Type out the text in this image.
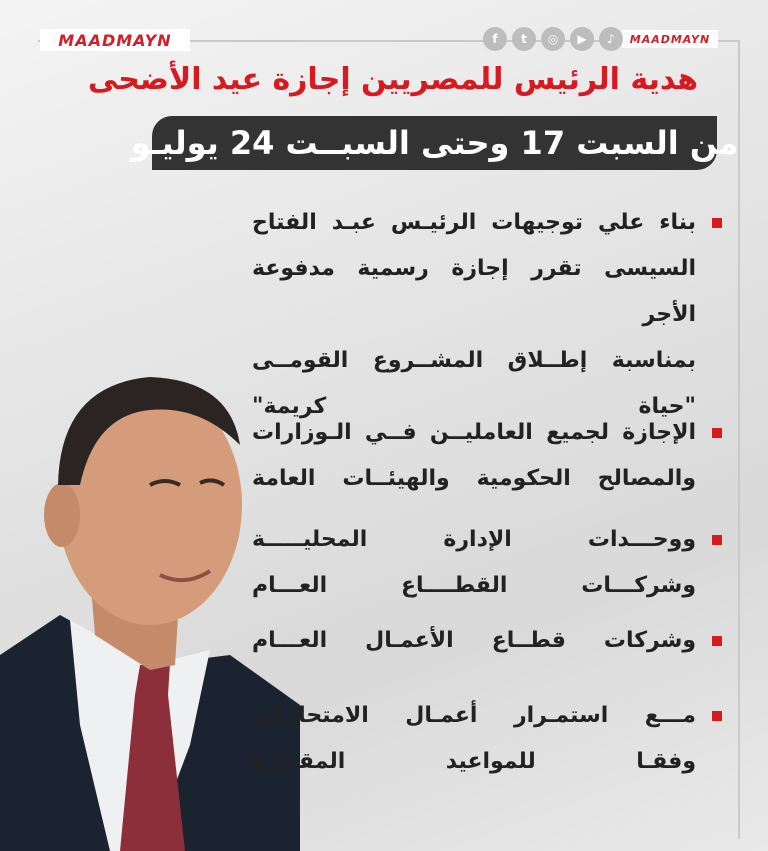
MAADMAYN	MAADMAYN
f	t	◎	▶	♪
هدية الرئيس للمصريين إجازة عيد الأضحى
من السبت 17 وحتى السبــت 24 يوليـو
بناء علي توجيهات الرئيـس عبـد الفتاح
السيسى تقرر إجازة رسمية مدفوعة الأجر
بمناسبة إطــلاق المشــروع القومــى
"حياة كريمة"
الإجازة لجميع العامليــن فــي الـوزارات
والمصالح الحكومية والهيئــات العامة
ووحـــدات الإدارة المحليـــــة
وشركـــات القطــــاع العـــام
وشركات قطــاع الأعمـال العـــام
مـــع استمـرار أعمـال الامتحانـات
وفقـا للمواعيد المقـررة
